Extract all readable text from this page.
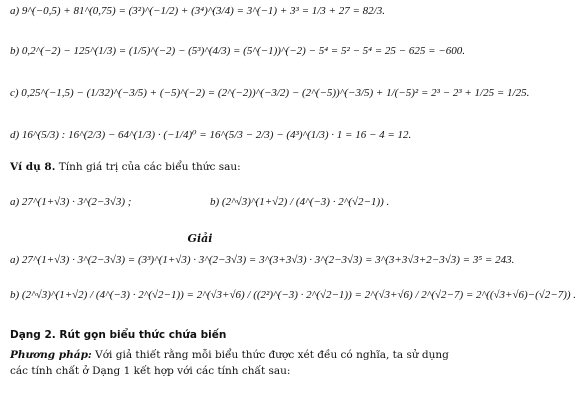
a) 9^(−0,5) + 81^(0,75) = (3²)^(−1/2) + (3⁴)^(3/4) = 3^(−1) + 3³ = 1/3 + 27 = 82/3.
b) 0,2^(−2) − 125^(1/3) = (1/5)^(−2) − (5³)^(4/3) = (5^(−1))^(−2) − 5⁴ = 5² − 5⁴ = 25 − 625 = −600.
c) 0,25^(−1,5) − (1/32)^(−3/5) + (−5)^(−2) = (2^(−2))^(−3/2) − (2^(−5))^(−3/5) + 1/(−5)² = 2³ − 2³ + 1/25 = 1/25.
d) 16^(5/3) : 16^(2/3) − 64^(1/3) · (−1/4)⁰ = 16^(5/3 − 2/3) − (4³)^(1/3) · 1 = 16 − 4 = 12.
Ví dụ 8. Tính giá trị của các biểu thức sau:
a) 27^(1+√3) · 3^(2−3√3) ;	b) (2^√3)^(1+√2) / (4^(−3) · 2^(√2−1)) .
Giải
a) 27^(1+√3) · 3^(2−3√3) = (3³)^(1+√3) · 3^(2−3√3) = 3^(3+3√3) · 3^(2−3√3) = 3^(3+3√3+2−3√3) = 3⁵ = 243.
b) (2^√3)^(1+√2) / (4^(−3) · 2^(√2−1)) = 2^(√3+√6) / ((2²)^(−3) · 2^(√2−1)) = 2^(√3+√6) / 2^(√2−7) = 2^((√3+√6)−(√2−7)) .
Dạng 2. Rút gọn biểu thức chứa biến
Phương pháp: Với giả thiết rằng mỗi biểu thức được xét đều có nghĩa, ta sử dụng
các tính chất ở Dạng 1 kết hợp với các tính chất sau:
